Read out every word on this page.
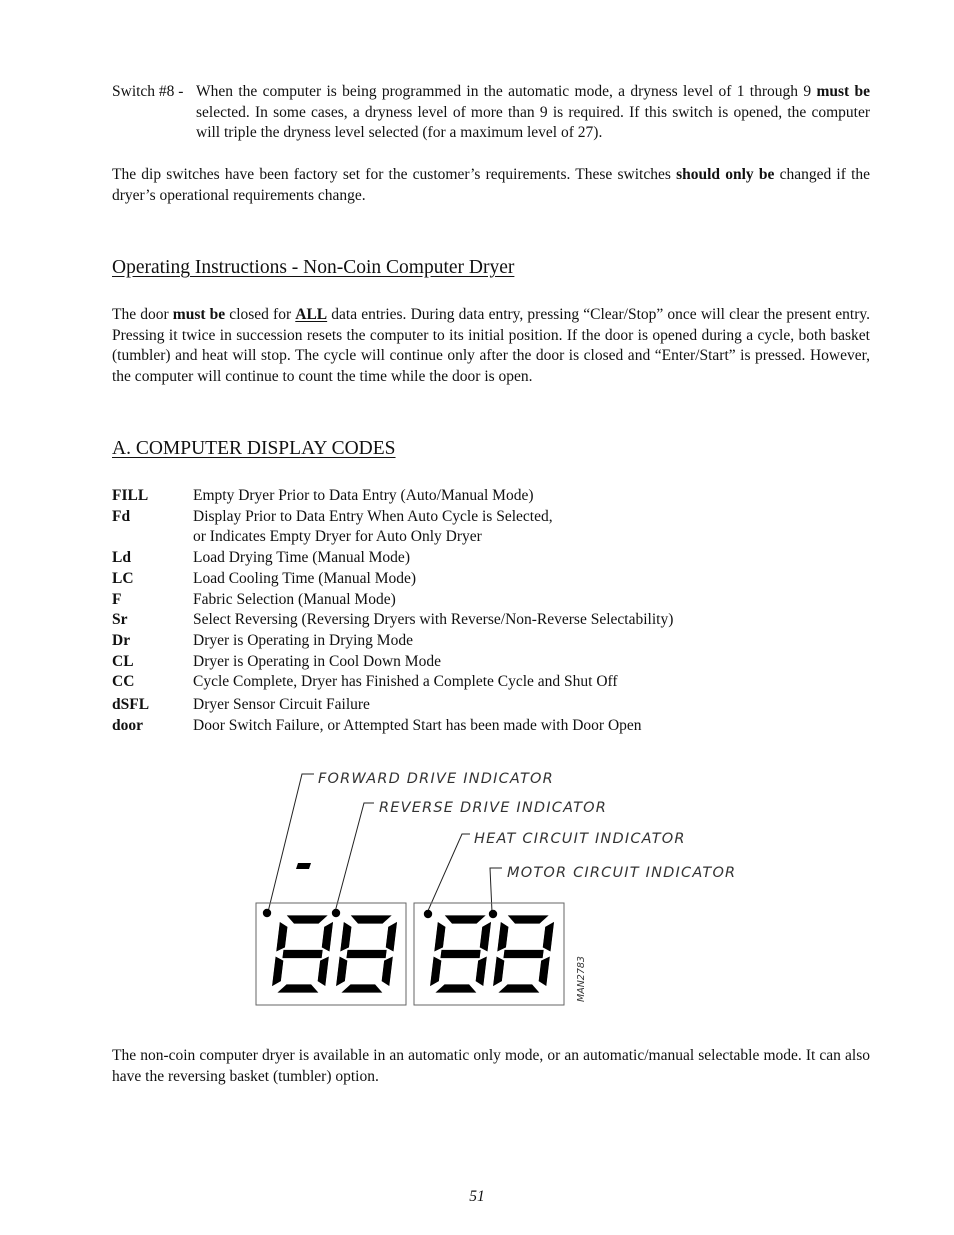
Switch #8 - When the computer is being programmed in the automatic mode, a dryness level of 1 through 9 must be selected. In some cases, a dryness level of more than 9 is required. If this switch is opened, the computer will triple the dryness level selected (for a maximum level of 27).

The dip switches have been factory set for the customer’s requirements. These switches should only be changed if the dryer’s operational requirements change.

Operating Instructions - Non-Coin Computer Dryer

The door must be closed for ALL data entries. During data entry, pressing “Clear/Stop” once will clear the present entry. Pressing it twice in succession resets the computer to its initial position. If the door is opened during a cycle, both basket (tumbler) and heat will stop. The cycle will continue only after the door is closed and “Enter/Start” is pressed. However, the computer will continue to count the time while the door is open.

A. COMPUTER DISPLAY CODES
FILL	Empty Dryer Prior to Data Entry (Auto/Manual Mode)
Fd	Display Prior to Data Entry When Auto Cycle is Selected,
or Indicates Empty Dryer for Auto Only Dryer
Ld	Load Drying Time (Manual Mode)
LC	Load Cooling Time (Manual Mode)
F	Fabric Selection (Manual Mode)
Sr	Select Reversing (Reversing Dryers with Reverse/Non-Reverse Selectability)
Dr	Dryer is Operating in Drying Mode
CL	Dryer is Operating in Cool Down Mode
CC	Cycle Complete, Dryer has Finished a Complete Cycle and Shut Off
dSFL	Dryer Sensor Circuit Failure
door	Door Switch Failure, or Attempted Start has been made with Door Open
FORWARD DRIVE INDICATOR
REVERSE DRIVE INDICATOR
HEAT CIRCUIT INDICATOR
MOTOR CIRCUIT INDICATOR
MAN2783

The non-coin computer dryer is available in an automatic only mode, or an automatic/manual selectable mode. It can also have the reversing basket (tumbler) option.

51
